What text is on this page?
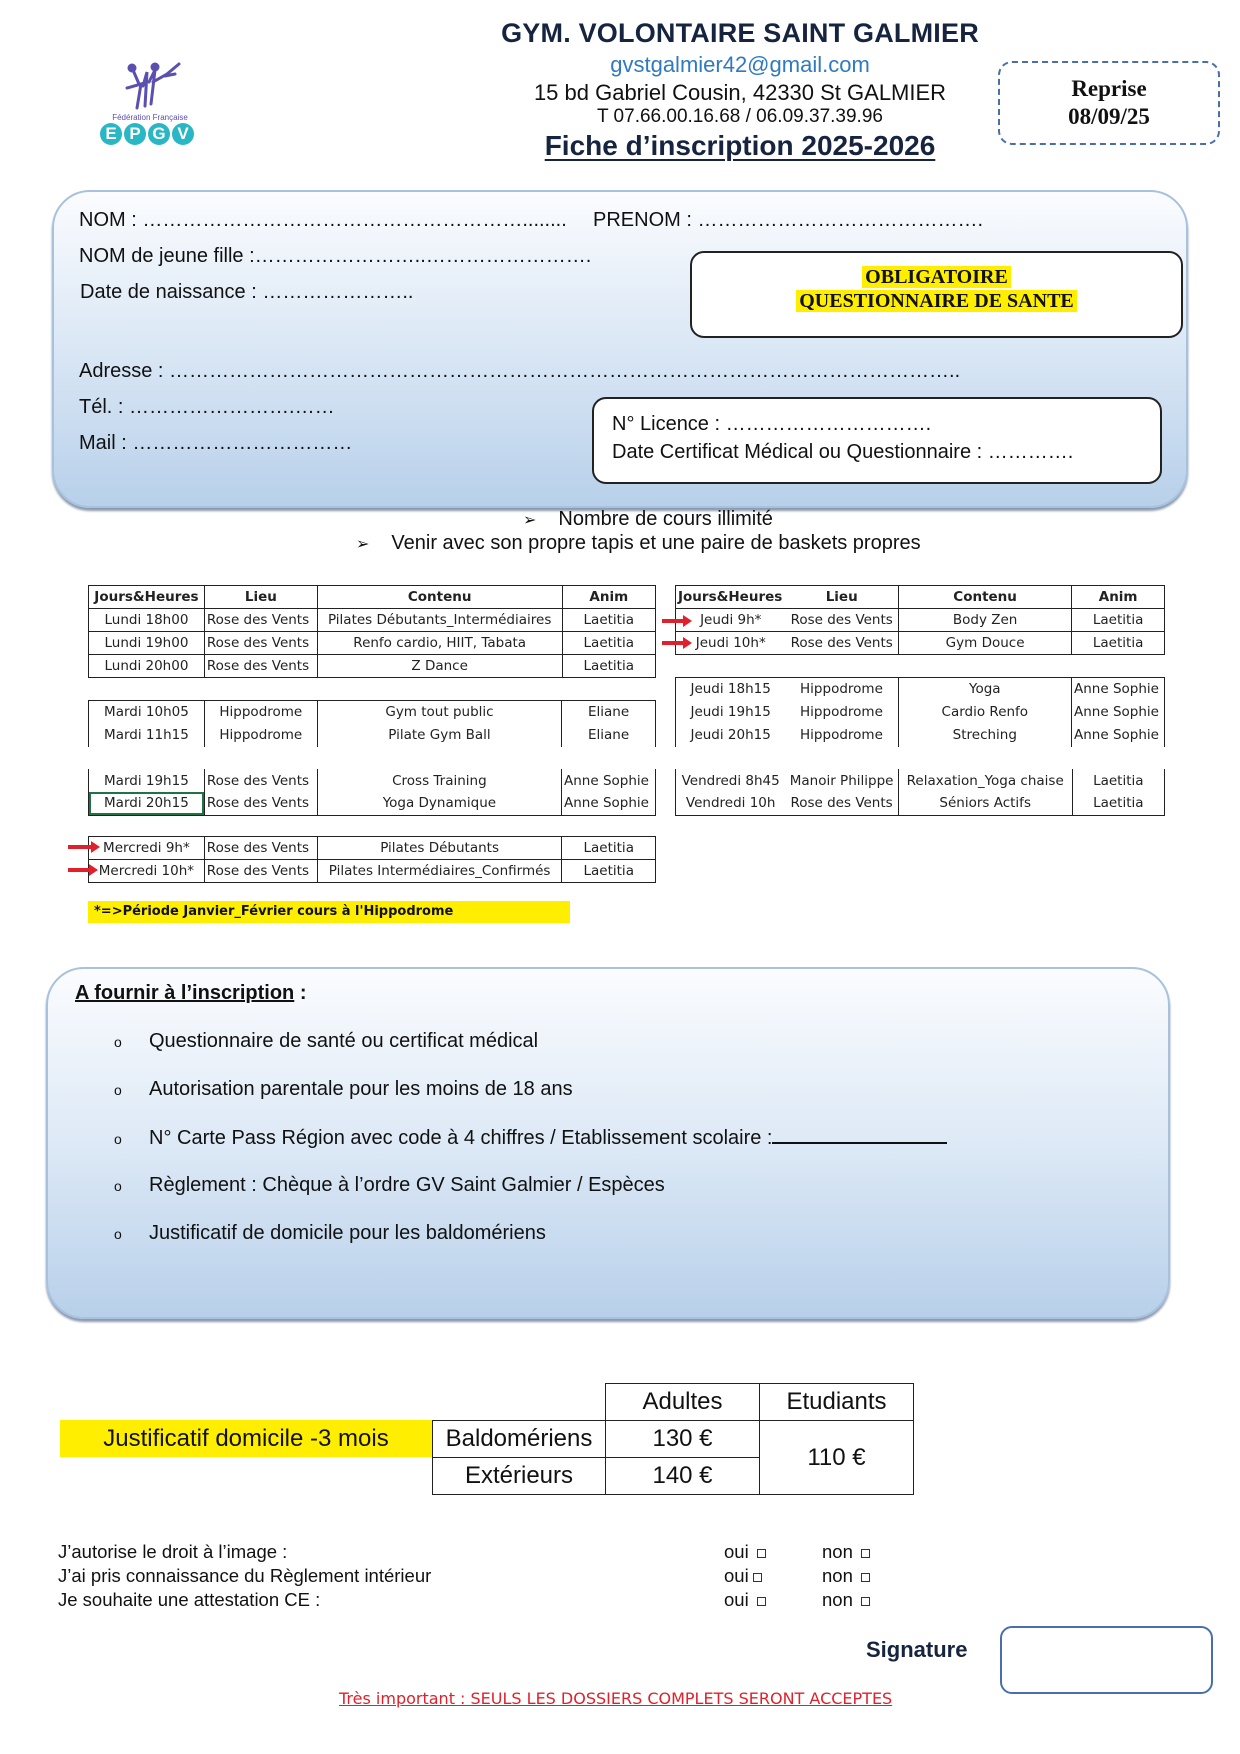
Fédération Française
E P G V
GYM. VOLONTAIRE SAINT GALMIER
gvstgalmier42@gmail.com
15 bd Gabriel Cousin, 42330 St GALMIER
T 07.66.00.16.68 / 06.09.37.39.96
Fiche d’inscription 2025-2026
Reprise
08/09/25
NOM : …………………………………………………........ PRENOM : …………………………………….
NOM de jeune fille :……………………..…………………….
Date de naissance : …………………..
OBLIGATOIRE
QUESTIONNAIRE DE SANTE
Adresse : ………………………………………………………………………………………………………..
Tél. : …………………….……
Mail : ……………………………
N° Licence : ………………………….
Date Certificat Médical ou Questionnaire : ………….
➢ Nombre de cours illimité
➢ Venir avec son propre tapis et une paire de baskets propres
Jours&Heures	Lieu	Contenu	Anim
Lundi 18h00	Rose des Vents	Pilates Débutants_Intermédiaires	Laetitia
Lundi 19h00	Rose des Vents	Renfo cardio, HIIT, Tabata	Laetitia
Lundi 20h00	Rose des Vents	Z Dance	Laetitia
Mardi 10h05	Hippodrome	Gym tout public	Eliane
Mardi 11h15	Hippodrome	Pilate Gym Ball	Eliane
Mardi 19h15	Rose des Vents	Cross Training	Anne Sophie
Mardi 20h15	Rose des Vents	Yoga Dynamique	Anne Sophie
Mercredi 9h*	Rose des Vents	Pilates Débutants	Laetitia
Mercredi 10h*	Rose des Vents	Pilates Intermédiaires_Confirmés	Laetitia
*=>Période Janvier_Février cours à l'Hippodrome
Jours&Heures	Lieu	Contenu	Anim
Jeudi 9h*	Rose des Vents	Body Zen	Laetitia
Jeudi 10h*	Rose des Vents	Gym Douce	Laetitia
Jeudi 18h15	Hippodrome	Yoga	Anne Sophie
Jeudi 19h15	Hippodrome	Cardio Renfo	Anne Sophie
Jeudi 20h15	Hippodrome	Streching	Anne Sophie
Vendredi 8h45	Manoir Philippe	Relaxation_Yoga chaise	Laetitia
Vendredi 10h	Rose des Vents	Séniors Actifs	Laetitia
A fournir à l’inscription :
o Questionnaire de santé ou certificat médical
o Autorisation parentale pour les moins de 18 ans
o N° Carte Pass Région avec code à 4 chiffres / Etablissement scolaire :
o Règlement : Chèque à l’ordre GV Saint Galmier / Espèces
o Justificatif de domicile pour les baldomériens
Justificatif domicile -3 mois
	Adultes	Etudiants
Baldomériens	130 €	110 €
Extérieurs	140 €	
J’autorise le droit à l’image :	oui	non
J’ai pris connaissance du Règlement intérieur	oui	non
Je souhaite une attestation CE :	oui	non
Signature
Très important : SEULS LES DOSSIERS COMPLETS SERONT ACCEPTES
